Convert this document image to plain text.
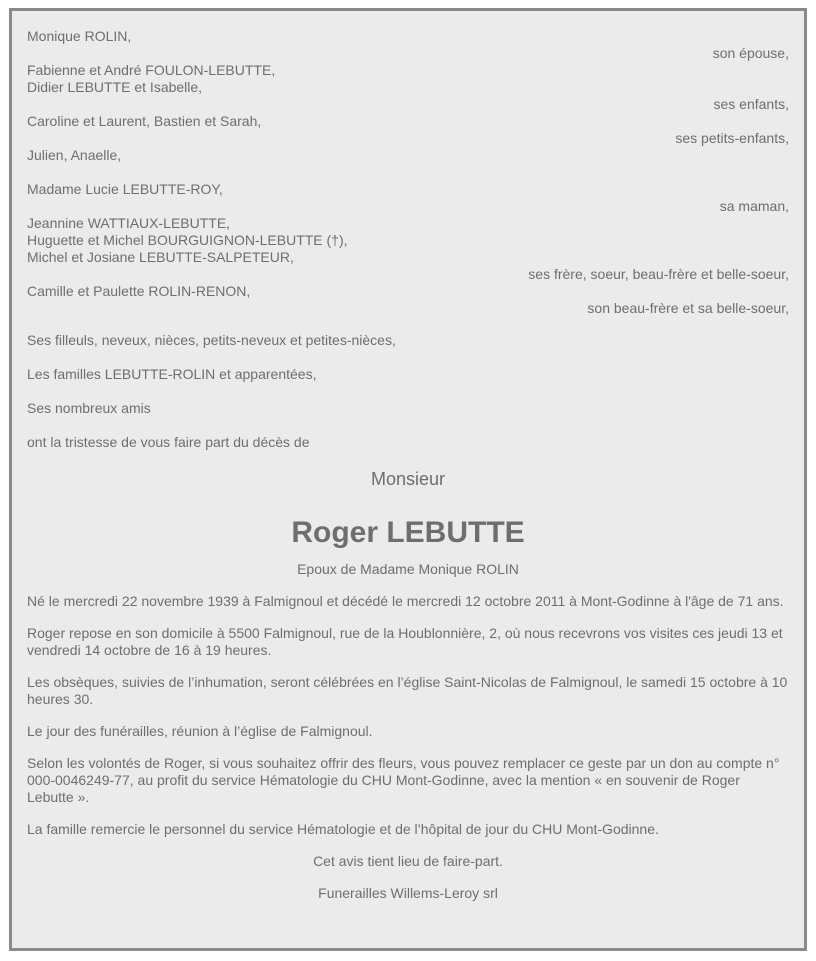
Monique ROLIN,
son épouse,
Fabienne et André FOULON-LEBUTTE,
Didier LEBUTTE et Isabelle,
ses enfants,
Caroline et Laurent, Bastien et Sarah,
ses petits-enfants,
Julien, Anaelle,
Madame Lucie LEBUTTE-ROY,
sa maman,
Jeannine WATTIAUX-LEBUTTE,
Huguette et Michel BOURGUIGNON-LEBUTTE (†),
Michel et Josiane LEBUTTE-SALPETEUR,
ses frère, soeur, beau-frère et belle-soeur,
Camille et Paulette ROLIN-RENON,
son beau-frère et sa belle-soeur,
Ses filleuls, neveux, nièces, petits-neveux et petites-nièces,
Les familles LEBUTTE-ROLIN et apparentées,
Ses nombreux amis
ont la tristesse de vous faire part du décès de
Monsieur
Roger LEBUTTE
Epoux de Madame Monique ROLIN
Né le mercredi 22 novembre 1939 à Falmignoul et décédé le mercredi 12 octobre 2011 à Mont-Godinne à l'âge de 71 ans.
Roger repose en son domicile à 5500 Falmignoul, rue de la Houblonnière, 2, où nous recevrons vos visites ces jeudi 13 et vendredi 14 octobre de 16 à 19 heures.
Les obsèques, suivies de l’inhumation, seront célébrées en l’église Saint-Nicolas de Falmignoul, le samedi 15 octobre à 10 heures 30.
Le jour des funérailles, réunion à l’église de Falmignoul.
Selon les volontés de Roger, si vous souhaitez offrir des fleurs, vous pouvez remplacer ce geste par un don au compte n° 000-0046249-77, au profit du service Hématologie du CHU Mont-Godinne, avec la mention « en souvenir de Roger Lebutte ».
La famille remercie le personnel du service Hématologie et de l’hôpital de jour du CHU Mont-Godinne.
Cet avis tient lieu de faire-part.
Funerailles Willems-Leroy srl
